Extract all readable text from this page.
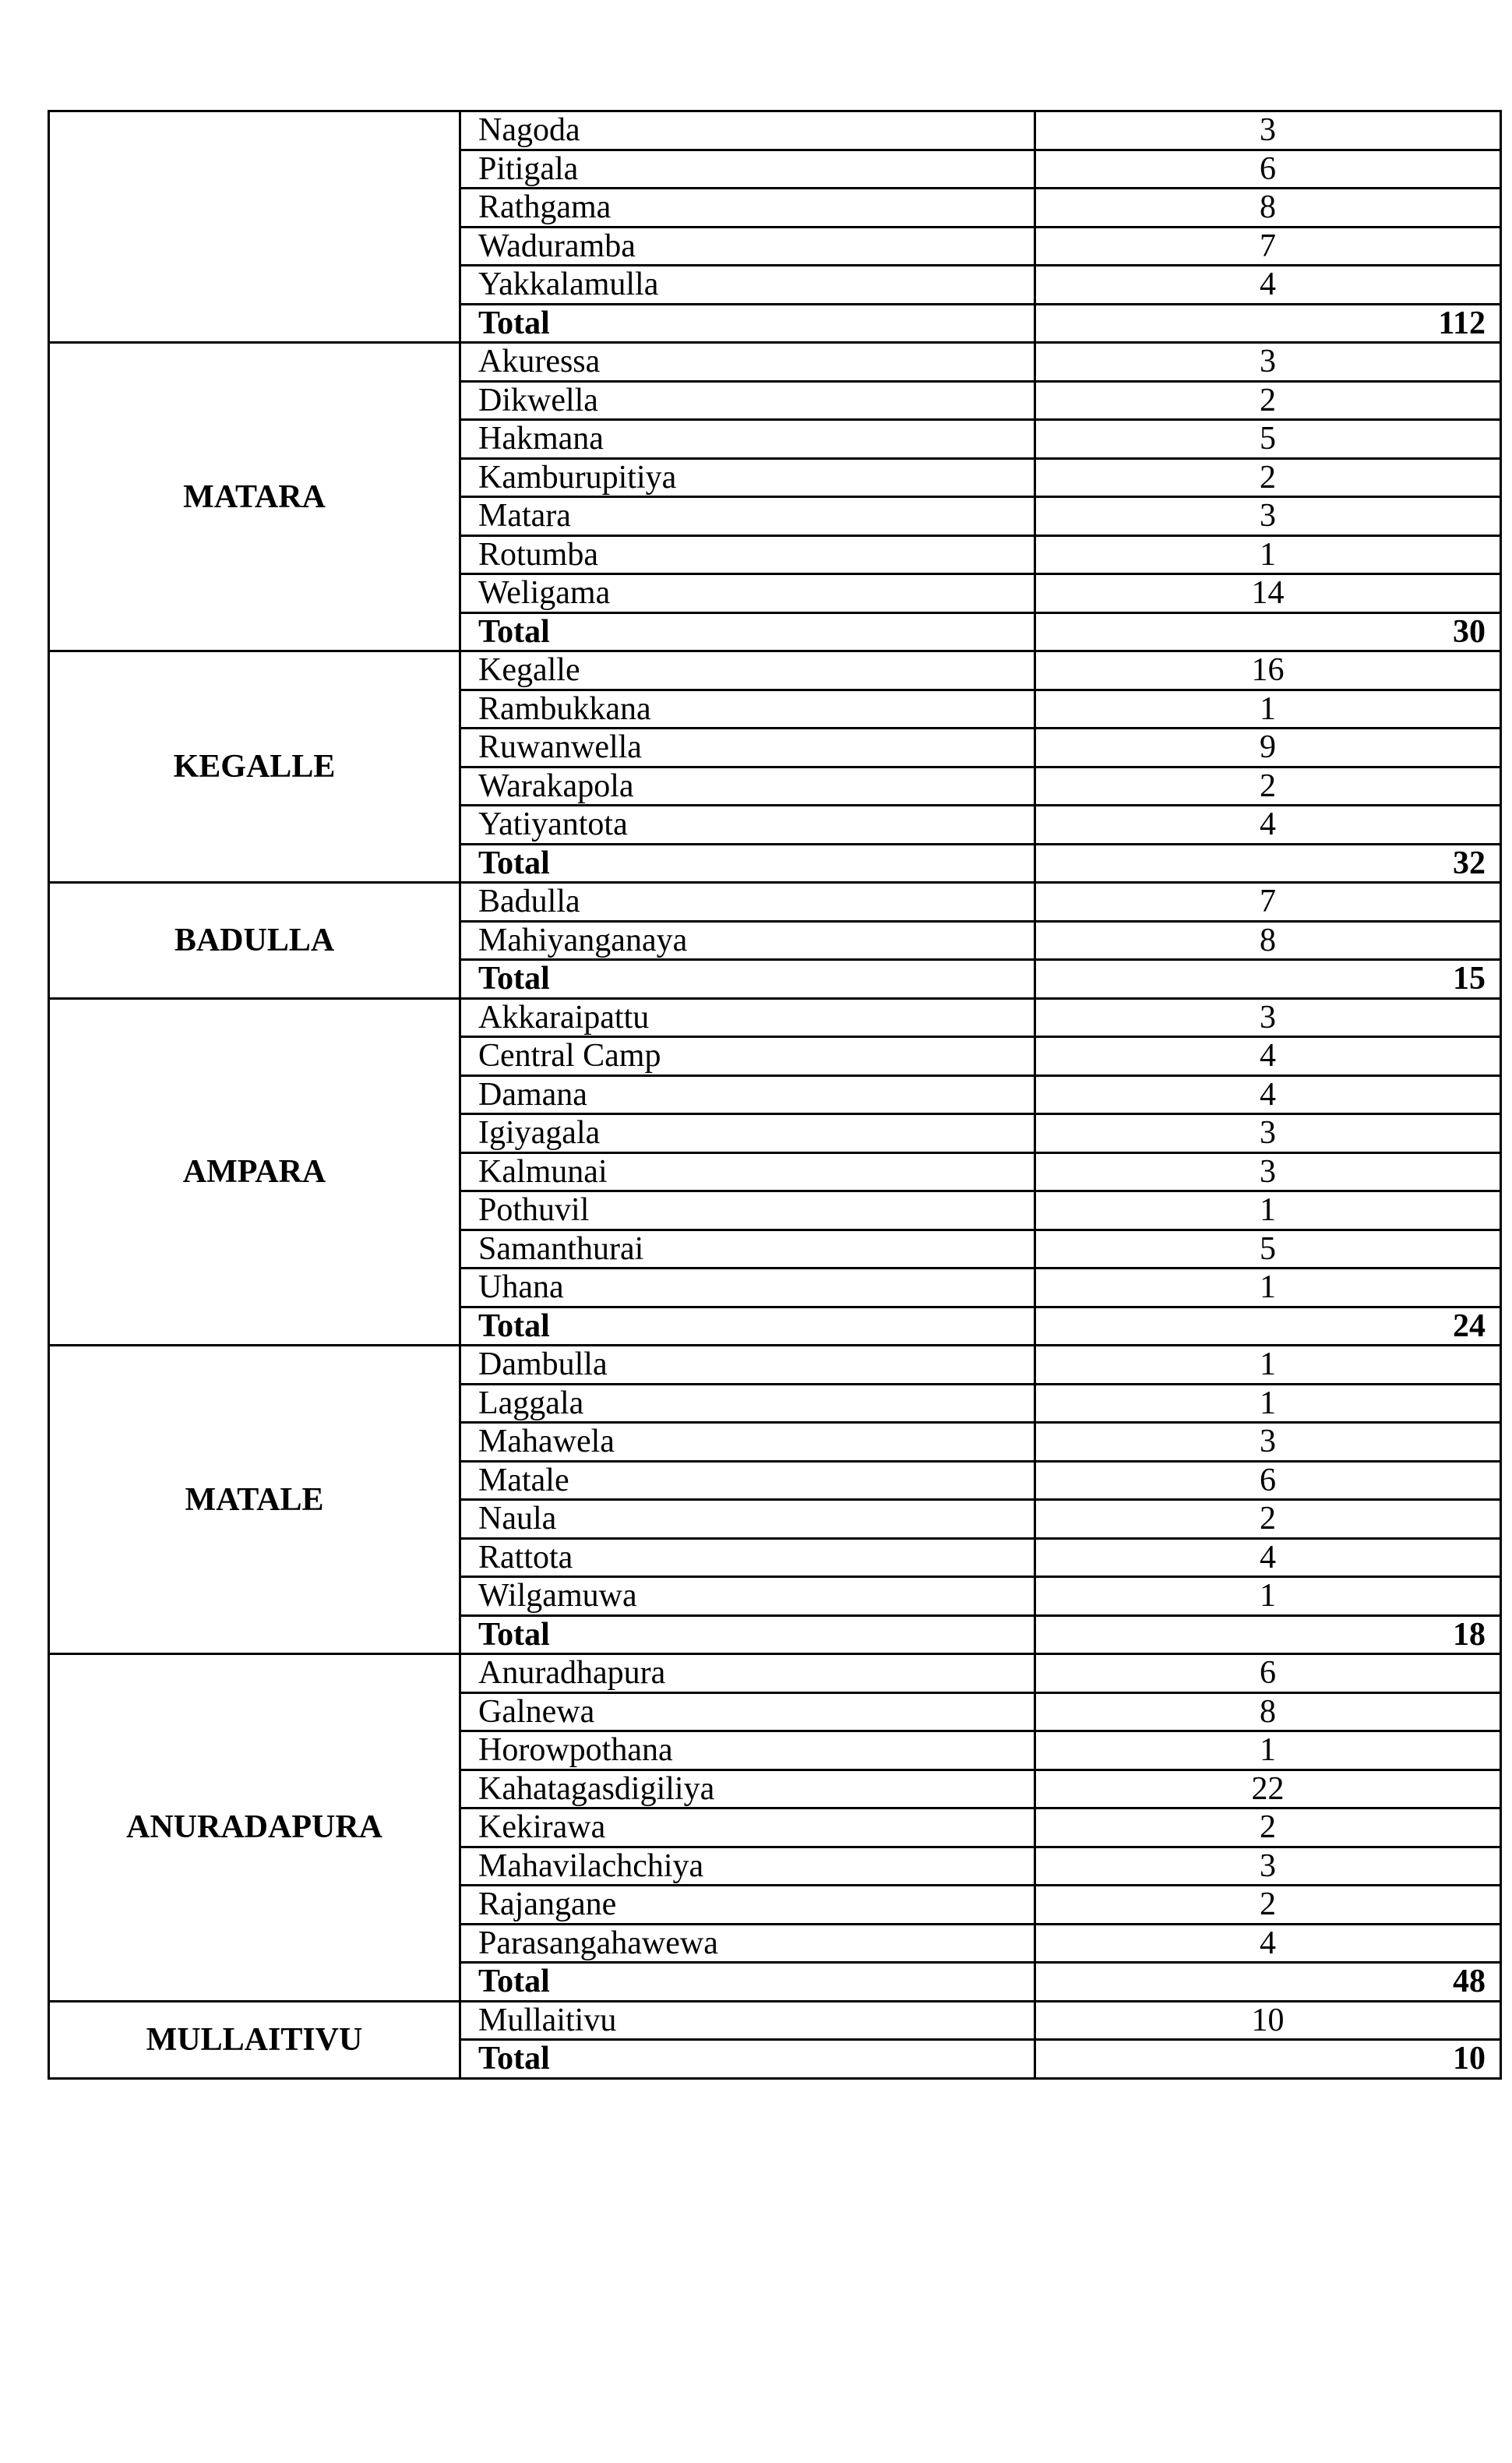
	Nagoda	3
	Pitigala	6
	Rathgama	8
	Waduramba	7
	Yakkalamulla	4
	Total	112
MATARA	Akuressa	3
	Dikwella	2
	Hakmana	5
	Kamburupitiya	2
	Matara	3
	Rotumba	1
	Weligama	14
	Total	30
KEGALLE	Kegalle	16
	Rambukkana	1
	Ruwanwella	9
	Warakapola	2
	Yatiyantota	4
	Total	32
BADULLA	Badulla	7
	Mahiyanganaya	8
	Total	15
AMPARA	Akkaraipattu	3
	Central Camp	4
	Damana	4
	Igiyagala	3
	Kalmunai	3
	Pothuvil	1
	Samanthurai	5
	Uhana	1
	Total	24
MATALE	Dambulla	1
	Laggala	1
	Mahawela	3
	Matale	6
	Naula	2
	Rattota	4
	Wilgamuwa	1
	Total	18
ANURADAPURA	Anuradhapura	6
	Galnewa	8
	Horowpothana	1
	Kahatagasdigiliya	22
	Kekirawa	2
	Mahavilachchiya	3
	Rajangane	2
	Parasangahawewa	4
	Total	48
MULLAITIVU	Mullaitivu	10
	Total	10
